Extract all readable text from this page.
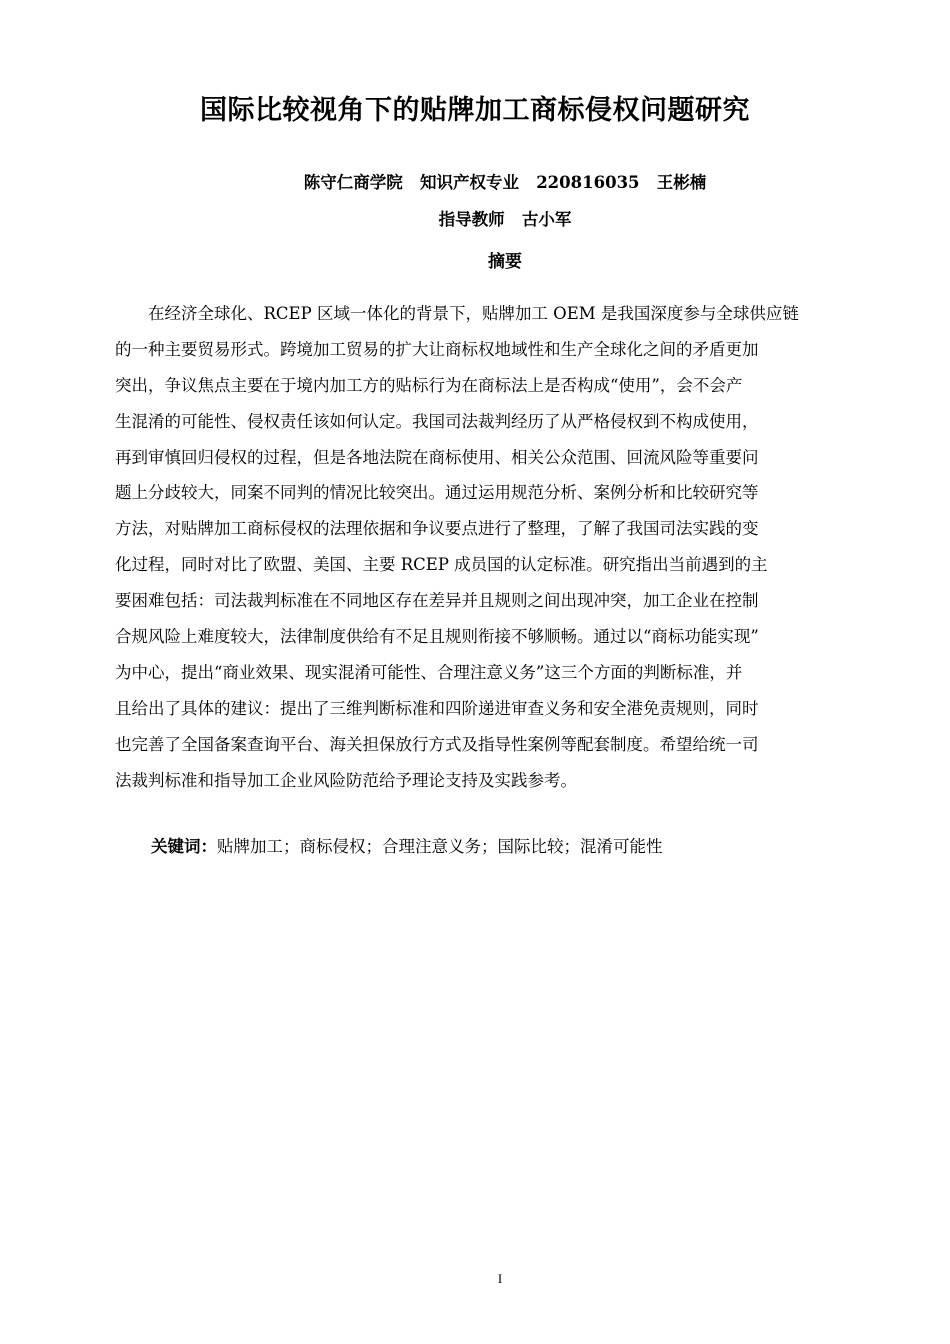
国际比较视角下的贴牌加工商标侵权问题研究
陈守仁商学院   知识产权专业   220816035   王彬楠
指导教师   古小军
摘要
　　在经济全球化、RCEP 区域一体化的背景下，贴牌加工 OEM 是我国深度参与全球供应链
的一种主要贸易形式。跨境加工贸易的扩大让商标权地域性和生产全球化之间的矛盾更加
突出，争议焦点主要在于境内加工方的贴标行为在商标法上是否构成“使用”，会不会产
生混淆的可能性、侵权责任该如何认定。我国司法裁判经历了从严格侵权到不构成使用，
再到审慎回归侵权的过程，但是各地法院在商标使用、相关公众范围、回流风险等重要问
题上分歧较大，同案不同判的情况比较突出。通过运用规范分析、案例分析和比较研究等
方法，对贴牌加工商标侵权的法理依据和争议要点进行了整理，了解了我国司法实践的变
化过程，同时对比了欧盟、美国、主要 RCEP 成员国的认定标准。研究指出当前遇到的主
要困难包括：司法裁判标准在不同地区存在差异并且规则之间出现冲突，加工企业在控制
合规风险上难度较大，法律制度供给有不足且规则衔接不够顺畅。通过以“商标功能实现”
为中心，提出“商业效果、现实混淆可能性、合理注意义务”这三个方面的判断标准，并
且给出了具体的建议：提出了三维判断标准和四阶递进审查义务和安全港免责规则，同时
也完善了全国备案查询平台、海关担保放行方式及指导性案例等配套制度。希望给统一司
法裁判标准和指导加工企业风险防范给予理论支持及实践参考。
关键词：贴牌加工；商标侵权；合理注意义务；国际比较；混淆可能性
I
